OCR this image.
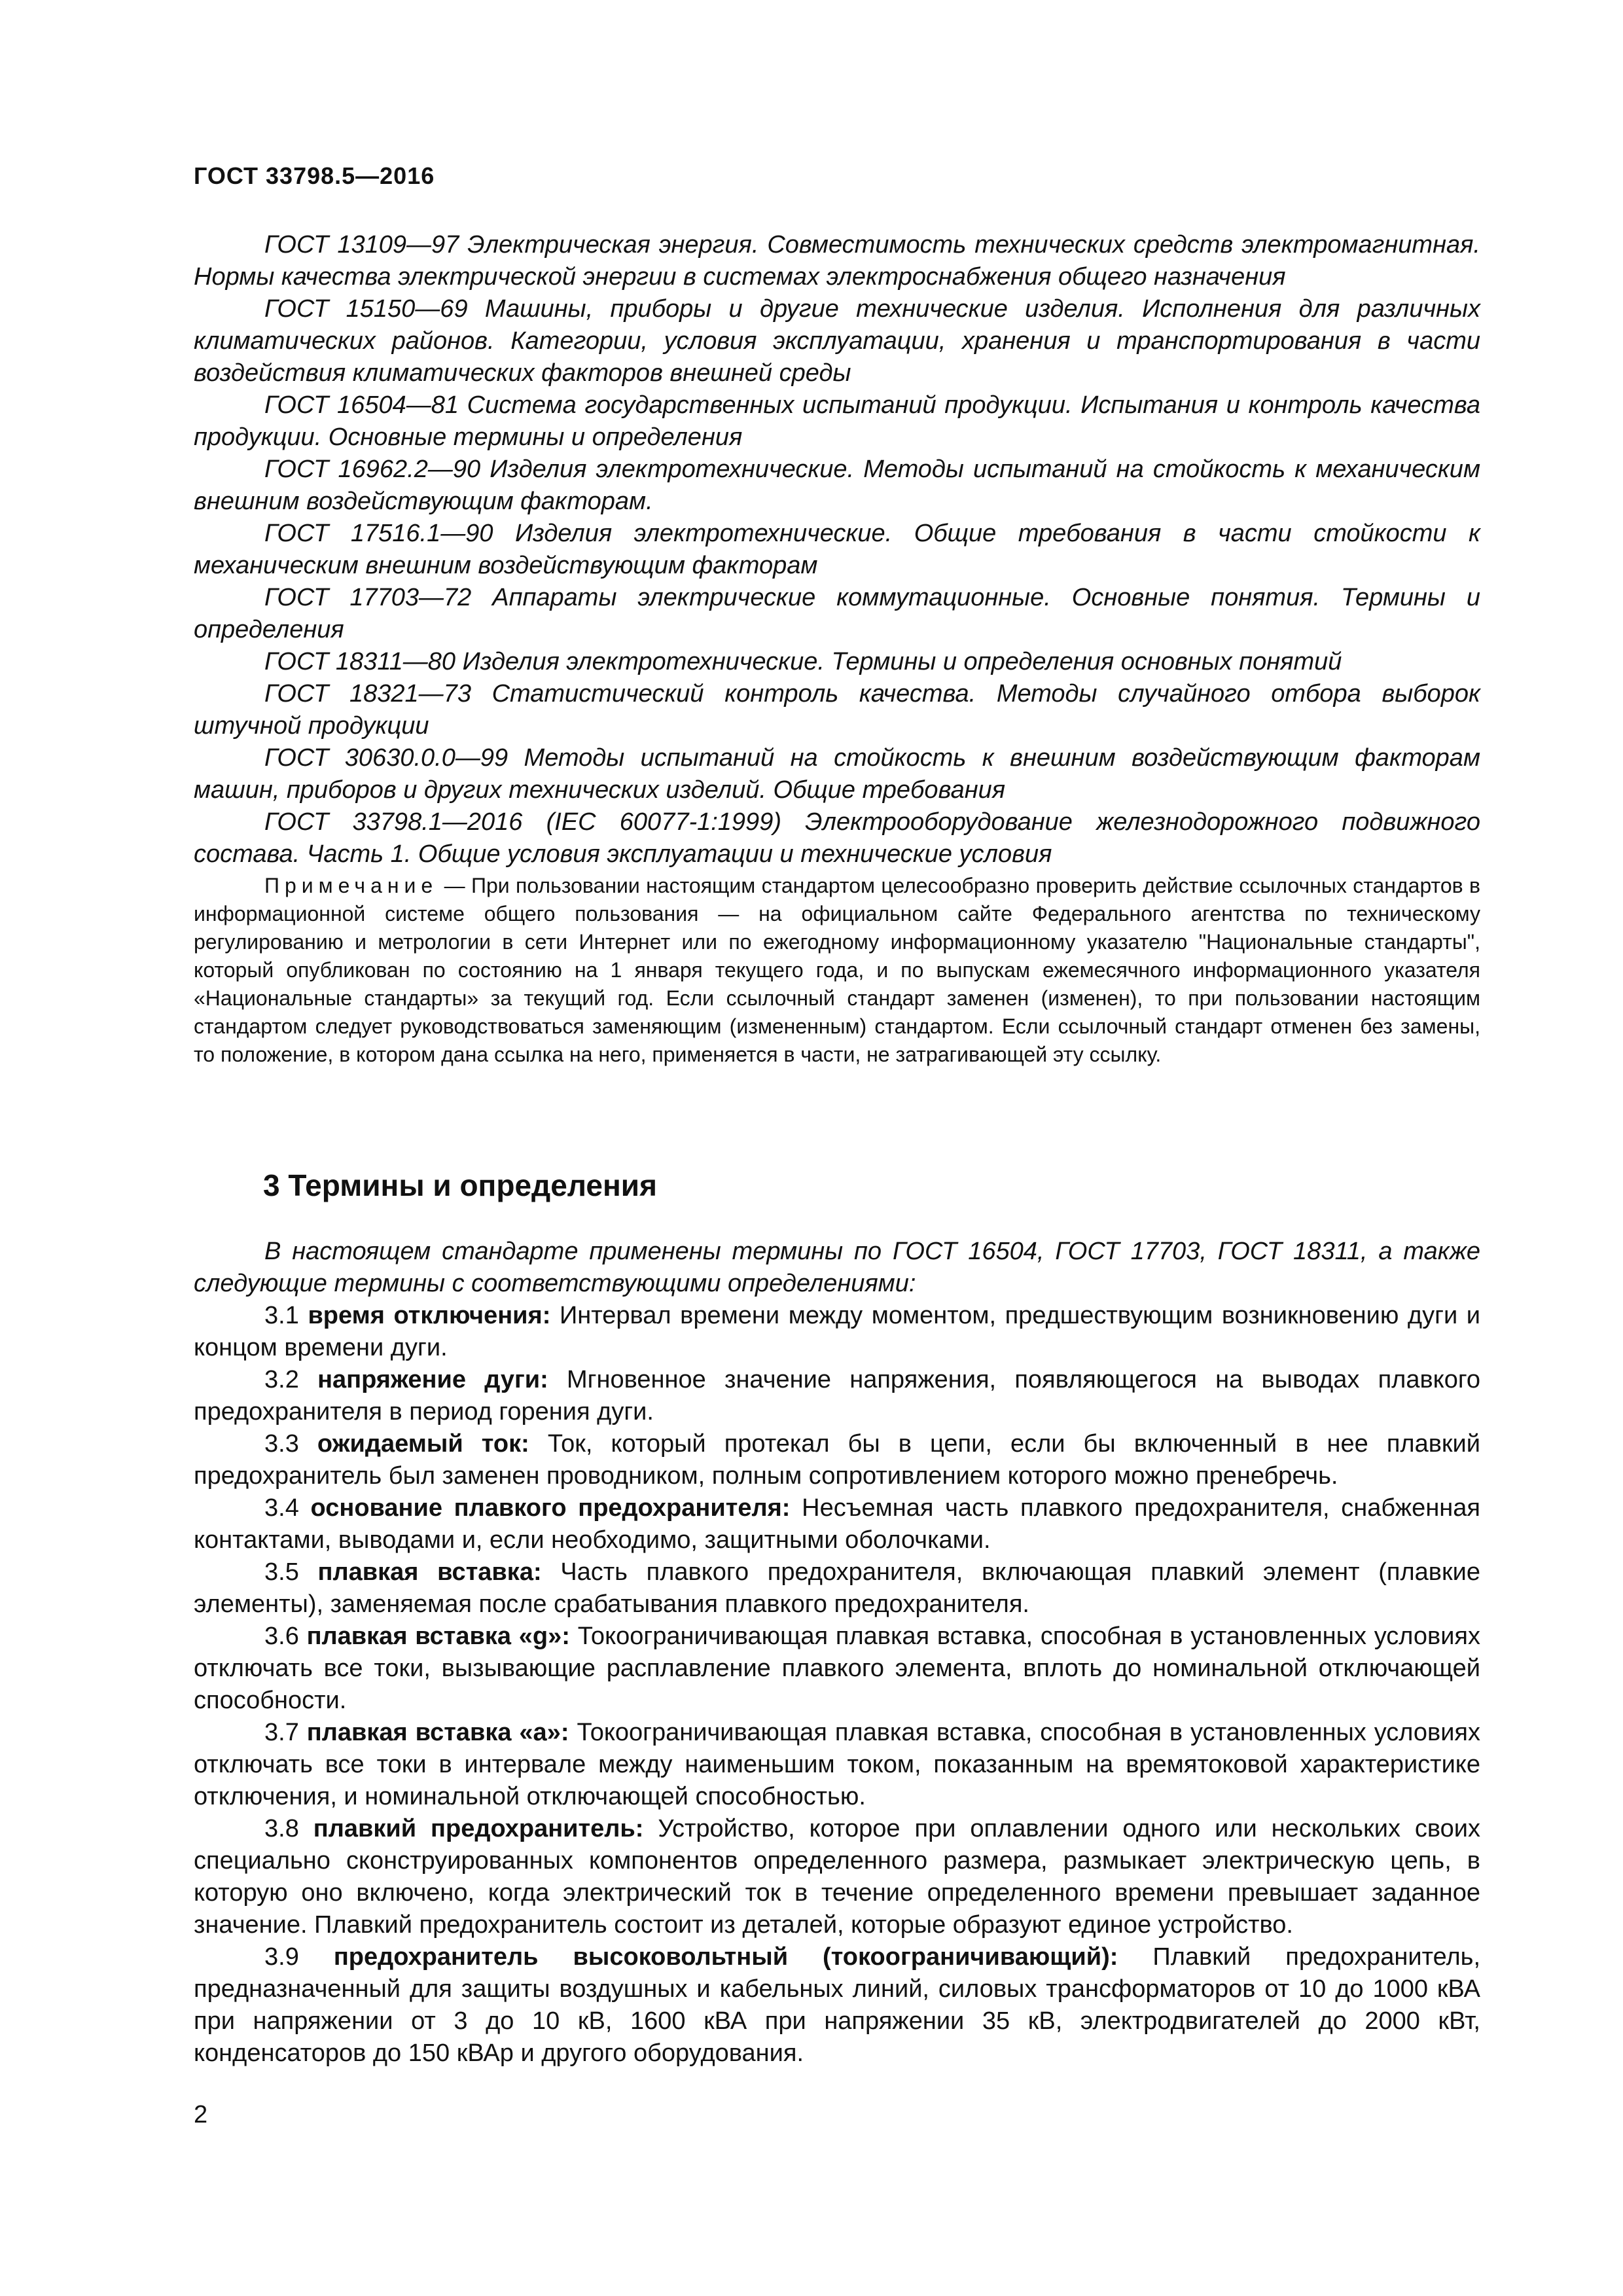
ГОСТ 33798.5—2016

ГОСТ 13109—97 Электрическая энергия. Совместимость технических средств электромагнитная. Нормы качества электрической энергии в системах электроснабжения общего назначения

ГОСТ 15150—69 Машины, приборы и другие технические изделия. Исполнения для различных климатических районов. Категории, условия эксплуатации, хранения и транспортирования в части воздействия климатических факторов внешней среды

ГОСТ 16504—81 Система государственных испытаний продукции. Испытания и контроль качества продукции. Основные термины и определения

ГОСТ 16962.2—90 Изделия электротехнические. Методы испытаний на стойкость к механическим внешним воздействующим факторам.

ГОСТ 17516.1—90 Изделия электротехнические. Общие требования в части стойкости к механическим внешним воздействующим факторам

ГОСТ 17703—72 Аппараты электрические коммутационные. Основные понятия. Термины и определения

ГОСТ 18311—80 Изделия электротехнические. Термины и определения основных понятий

ГОСТ 18321—73 Статистический контроль качества. Методы случайного отбора выборок штучной продукции

ГОСТ 30630.0.0—99 Методы испытаний на стойкость к внешним воздействующим факторам машин, приборов и других технических изделий. Общие требования

ГОСТ 33798.1—2016 (IEC 60077-1:1999) Электрооборудование железнодорожного подвижного состава. Часть 1. Общие условия эксплуатации и технические условия

Примечание — При пользовании настоящим стандартом целесообразно проверить действие ссылочных стандартов в информационной системе общего пользования — на официальном сайте Федерального агентства по техническому регулированию и метрологии в сети Интернет или по ежегодному информационному указателю "Национальные стандарты", который опубликован по состоянию на 1 января текущего года, и по выпускам ежемесячного информационного указателя «Национальные стандарты» за текущий год. Если ссылочный стандарт заменен (изменен), то при пользовании настоящим стандартом следует руководствоваться заменяющим (измененным) стандартом. Если ссылочный стандарт отменен без замены, то положение, в котором дана ссылка на него, применяется в части, не затрагивающей эту ссылку.
3 Термины и определения

В настоящем стандарте применены термины по ГОСТ 16504, ГОСТ 17703, ГОСТ 18311, а также следующие термины с соответствующими определениями:

3.1 время отключения: Интервал времени между моментом, предшествующим возникновению дуги и концом времени дуги.

3.2 напряжение дуги: Мгновенное значение напряжения, появляющегося на выводах плавкого предохранителя в период горения дуги.

3.3 ожидаемый ток: Ток, который протекал бы в цепи, если бы включенный в нее плавкий предохранитель был заменен проводником, полным сопротивлением которого можно пренебречь.

3.4 основание плавкого предохранителя: Несъемная часть плавкого предохранителя, снабженная контактами, выводами и, если необходимо, защитными оболочками.

3.5 плавкая вставка: Часть плавкого предохранителя, включающая плавкий элемент (плавкие элементы), заменяемая после срабатывания плавкого предохранителя.

3.6 плавкая вставка «g»: Токоограничивающая плавкая вставка, способная в установленных условиях отключать все токи, вызывающие расплавление плавкого элемента, вплоть до номинальной отключающей способности.

3.7 плавкая вставка «a»: Токоограничивающая плавкая вставка, способная в установленных условиях отключать все токи в интервале между наименьшим током, показанным на времятоковой характеристике отключения, и номинальной отключающей способностью.

3.8 плавкий предохранитель: Устройство, которое при оплавлении одного или нескольких своих специально сконструированных компонентов определенного размера, размыкает электрическую цепь, в которую оно включено, когда электрический ток в течение определенного времени превышает заданное значение. Плавкий предохранитель состоит из деталей, которые образуют единое устройство.

3.9 предохранитель высоковольтный (токоограничивающий): Плавкий предохранитель, предназначенный для защиты воздушных и кабельных линий, силовых трансформаторов от 10 до 1000 кВА при напряжении от 3 до 10 кВ, 1600 кВА при напряжении 35 кВ, электродвигателей до 2000 кВт, конденсаторов до 150 кВАр и другого оборудования.

2
